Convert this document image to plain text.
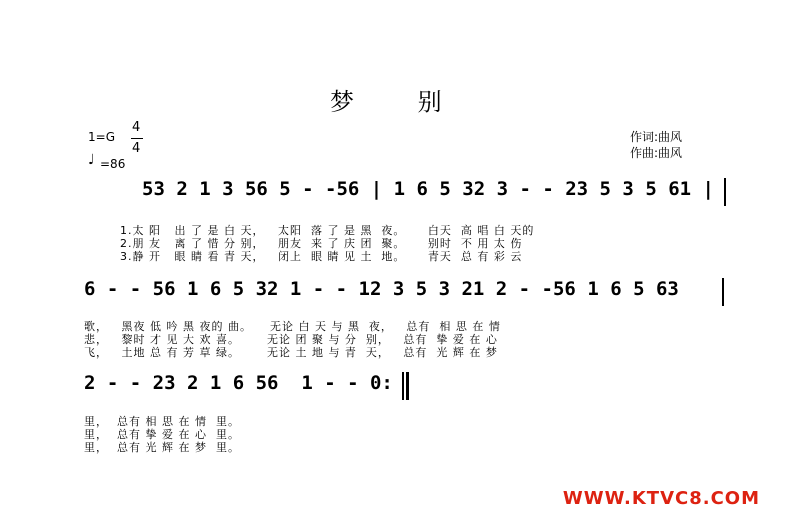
梦 别
1=G
4
4
♩ =86
作词:曲风
作曲:曲风
53 2 1 3 56 5 - -56 | 1 6 5 32 3 - - 23 5 3 5 61 |
1.太 阳   出 了 是 白 天，   太阳  落 了 是 黑  夜。     白天  高 唱 白 天的
2.朋 友   离 了 惜 分 别，   朋友  来 了 庆 团  聚。     别时  不 用 太 伤
3.静 开   眼 睛 看 青 天，   闭上  眼 睛 见 土  地。     青天  总 有 彩 云
6 - - 56 1 6 5 32 1 - - 12 3 5 3 21 2 - -56 1 6 5 63
歌，   黑夜 低 吟 黑 夜的 曲。    无论 白 天 与 黑  夜，   总有  相 思 在 情
悲，   黎时 才 见 大 欢 喜。      无论 团 聚 与 分  别，   总有  挚 爱 在 心
飞，   土地 总 有 芳 草 绿。      无论 土 地 与 青  天，   总有  光 辉 在 梦
2 - - 23 2 1 6 56  1 - - 0:
里，  总有 相 思 在 情  里。
里，  总有 挚 爱 在 心  里。
里，  总有 光 辉 在 梦  里。
WWW.KTVC8.COM
